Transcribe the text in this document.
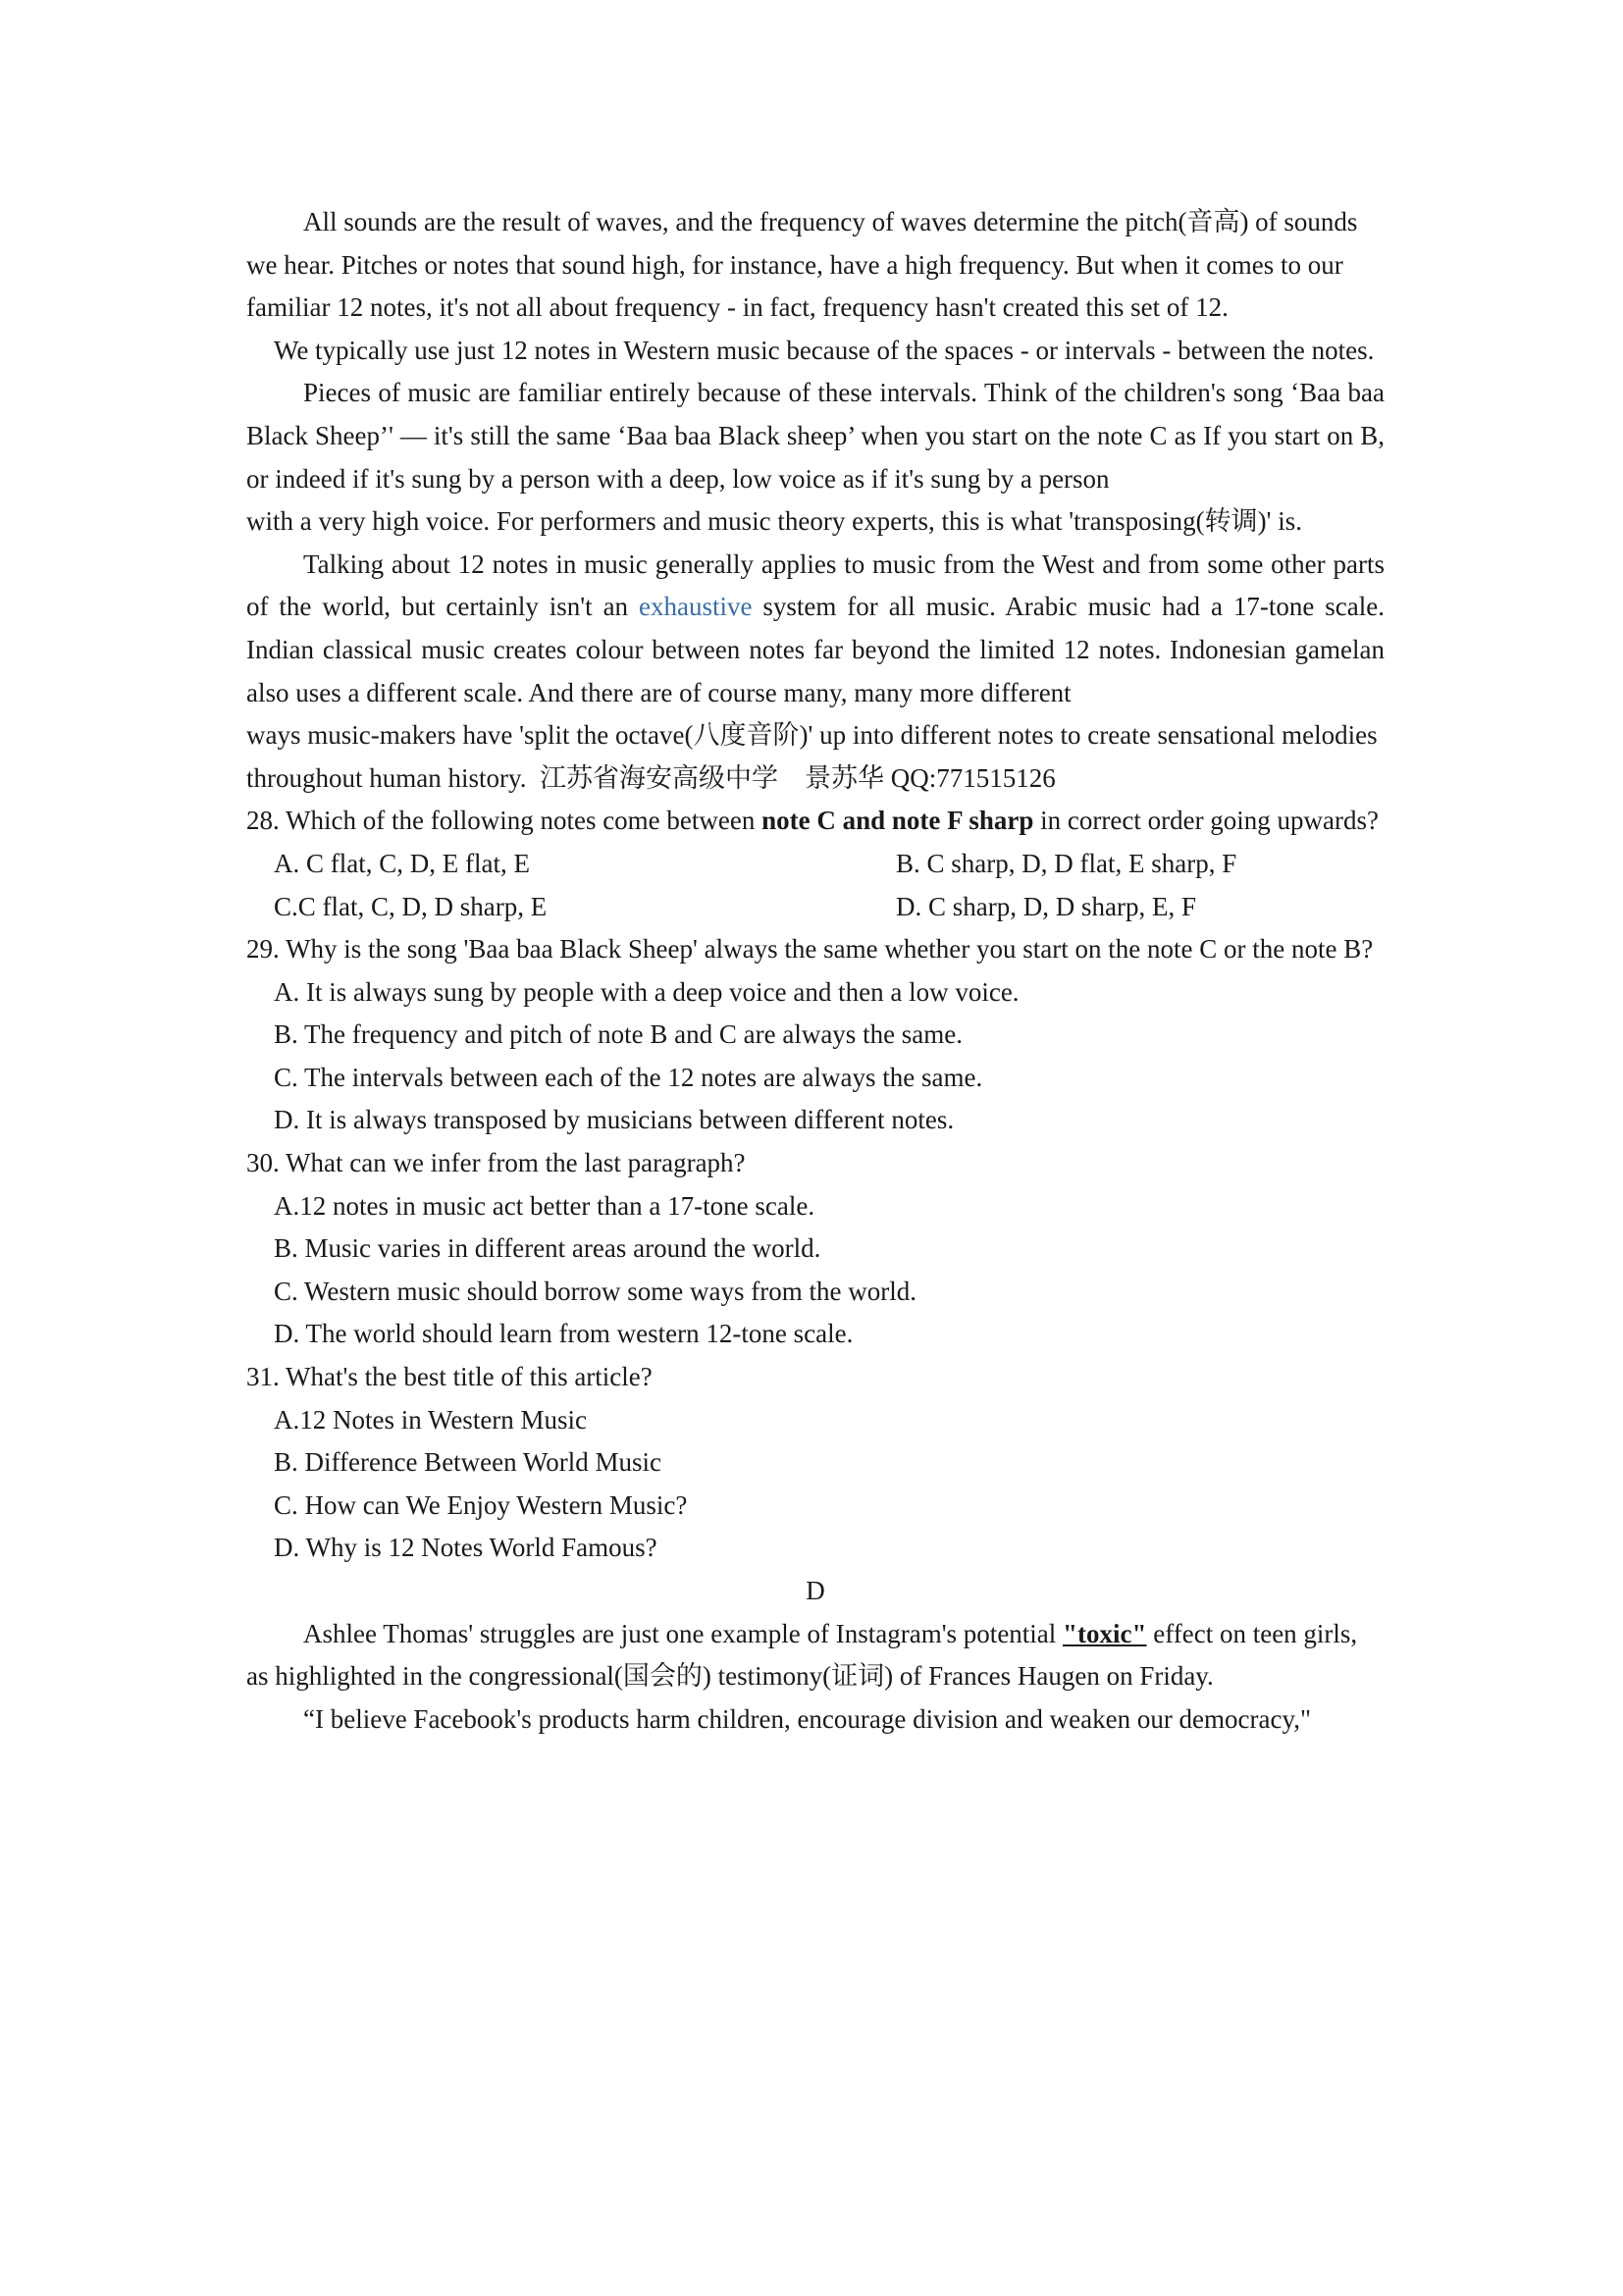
All sounds are the result of waves, and the frequency of waves determine the pitch(音高) of sounds we hear. Pitches or notes that sound high, for instance, have a high frequency. But when it comes to our familiar 12 notes, it's not all about frequency - in fact, frequency hasn't created this set of 12.

We typically use just 12 notes in Western music because of the spaces - or intervals - between the notes.

Pieces of music are familiar entirely because of these intervals. Think of the children's song ‘Baa baa Black Sheep’' — it's still the same ‘Baa baa Black sheep’ when you start on the note C as If you start on B, or indeed if it's sung by a person with a deep, low voice as if it's sung by a person

with a very high voice. For performers and music theory experts, this is what 'transposing(转调)' is.

Talking about 12 notes in music generally applies to music from the West and from some other parts of the world, but certainly isn't an exhaustive system for all music. Arabic music had a 17-tone scale. Indian classical music creates colour between notes far beyond the limited 12 notes. Indonesian gamelan also uses a different scale. And there are of course many, many more different

ways music-makers have 'split the octave(八度音阶)' up into different notes to create sensational melodies throughout human history. 江苏省海安高级中学　景苏华 QQ:771515126

28. Which of the following notes come between note C and note F sharp in correct order going upwards?

A. C flat, C, D, E flat, E	B. C sharp, D, D flat, E sharp, F
C.C flat, C, D, D sharp, E	D. C sharp, D, D sharp, E, F

29. Why is the song 'Baa baa Black Sheep' always the same whether you start on the note C or the note B?

A. It is always sung by people with a deep voice and then a low voice.

B. The frequency and pitch of note B and C are always the same.

C. The intervals between each of the 12 notes are always the same.

D. It is always transposed by musicians between different notes.

30. What can we infer from the last paragraph?

A.12 notes in music act better than a 17-tone scale.

B. Music varies in different areas around the world.

C. Western music should borrow some ways from the world.

D. The world should learn from western 12-tone scale.

31. What's the best title of this article?

A.12 Notes in Western Music

B. Difference Between World Music

C. How can We Enjoy Western Music?

D. Why is 12 Notes World Famous?

D

Ashlee Thomas' struggles are just one example of Instagram's potential "toxic" effect on teen girls, as highlighted in the congressional(国会的) testimony(证词) of Frances Haugen on Friday.

“I believe Facebook's products harm children, encourage division and weaken our democracy,"
